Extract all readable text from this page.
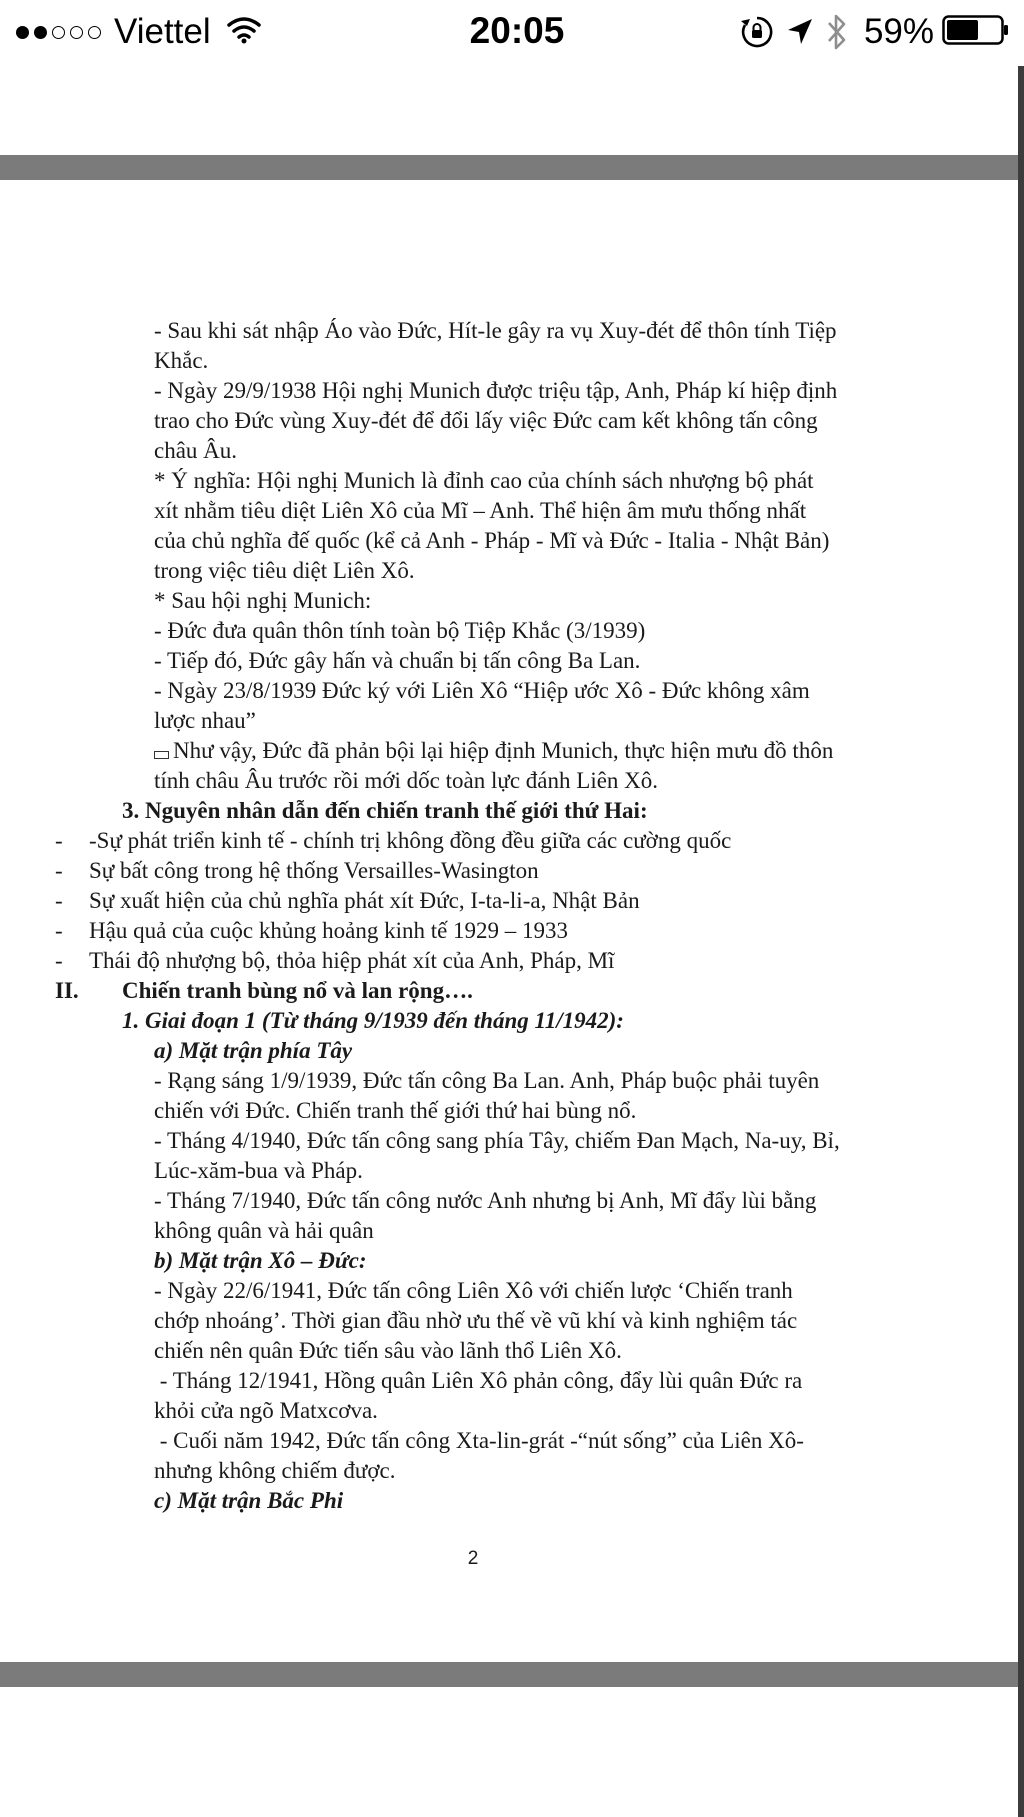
Viettel	20:05	59%
- Sau khi sát nhập Áo vào Đức, Hít-le gây ra vụ Xuy-đét để thôn tính Tiệp
Khắc.
- Ngày 29/9/1938 Hội nghị Munich được triệu tập, Anh, Pháp kí hiệp định
trao cho Đức vùng Xuy-đét để đổi lấy việc Đức cam kết không tấn công
châu Âu.
* Ý nghĩa: Hội nghị Munich là đỉnh cao của chính sách nhượng bộ phát
xít nhằm tiêu diệt Liên Xô của Mĩ – Anh. Thể hiện âm mưu thống nhất
của chủ nghĩa đế quốc (kể cả Anh - Pháp - Mĩ và Đức - Italia - Nhật Bản)
trong việc tiêu diệt Liên Xô.
* Sau hội nghị Munich:
- Đức đưa quân thôn tính toàn bộ Tiệp Khắc (3/1939)
- Tiếp đó, Đức gây hấn và chuẩn bị tấn công Ba Lan.
- Ngày 23/8/1939 Đức ký với Liên Xô “Hiệp ước Xô - Đức không xâm
lược nhau”
Như vậy, Đức đã phản bội lại hiệp định Munich, thực hiện mưu đồ thôn
tính châu Âu trước rồi mới dốc toàn lực đánh Liên Xô.
3. Nguyên nhân dẫn đến chiến tranh thế giới thứ Hai:
- -Sự phát triển kinh tế - chính trị không đồng đều giữa các cường quốc
- Sự bất công trong hệ thống Versailles-Wasington
- Sự xuất hiện của chủ nghĩa phát xít Đức, I-ta-li-a, Nhật Bản
- Hậu quả của cuộc khủng hoảng kinh tế 1929 – 1933
- Thái độ nhượng bộ, thỏa hiệp phát xít của Anh, Pháp, Mĩ
II. Chiến tranh bùng nổ và lan rộng….
1. Giai đoạn 1 (Từ tháng 9/1939 đến tháng 11/1942):
a) Mặt trận phía Tây
- Rạng sáng 1/9/1939, Đức tấn công Ba Lan. Anh, Pháp buộc phải tuyên
chiến với Đức. Chiến tranh thế giới thứ hai bùng nổ.
- Tháng 4/1940, Đức tấn công sang phía Tây, chiếm Đan Mạch, Na-uy, Bỉ,
Lúc-xăm-bua và Pháp.
- Tháng 7/1940, Đức tấn công nước Anh nhưng bị Anh, Mĩ đẩy lùi bằng
không quân và hải quân
b) Mặt trận Xô – Đức:
- Ngày 22/6/1941, Đức tấn công Liên Xô với chiến lược ‘Chiến tranh
chớp nhoáng’. Thời gian đầu nhờ ưu thế về vũ khí và kinh nghiệm tác
chiến nên quân Đức tiến sâu vào lãnh thổ Liên Xô.
- Tháng 12/1941, Hồng quân Liên Xô phản công, đẩy lùi quân Đức ra
khỏi cửa ngõ Matxcơva.
- Cuối năm 1942, Đức tấn công Xta-lin-grát -“nút sống” của Liên Xô-
nhưng không chiếm được.
c) Mặt trận Bắc Phi
2
